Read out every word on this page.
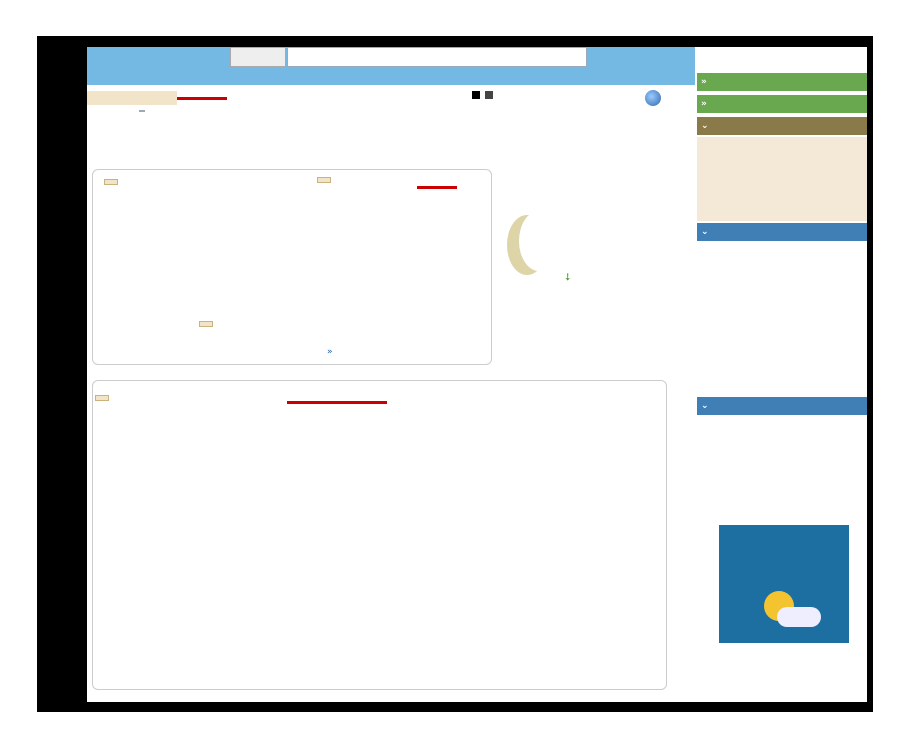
➘
»
»
»
⌄
⌄
⌄
